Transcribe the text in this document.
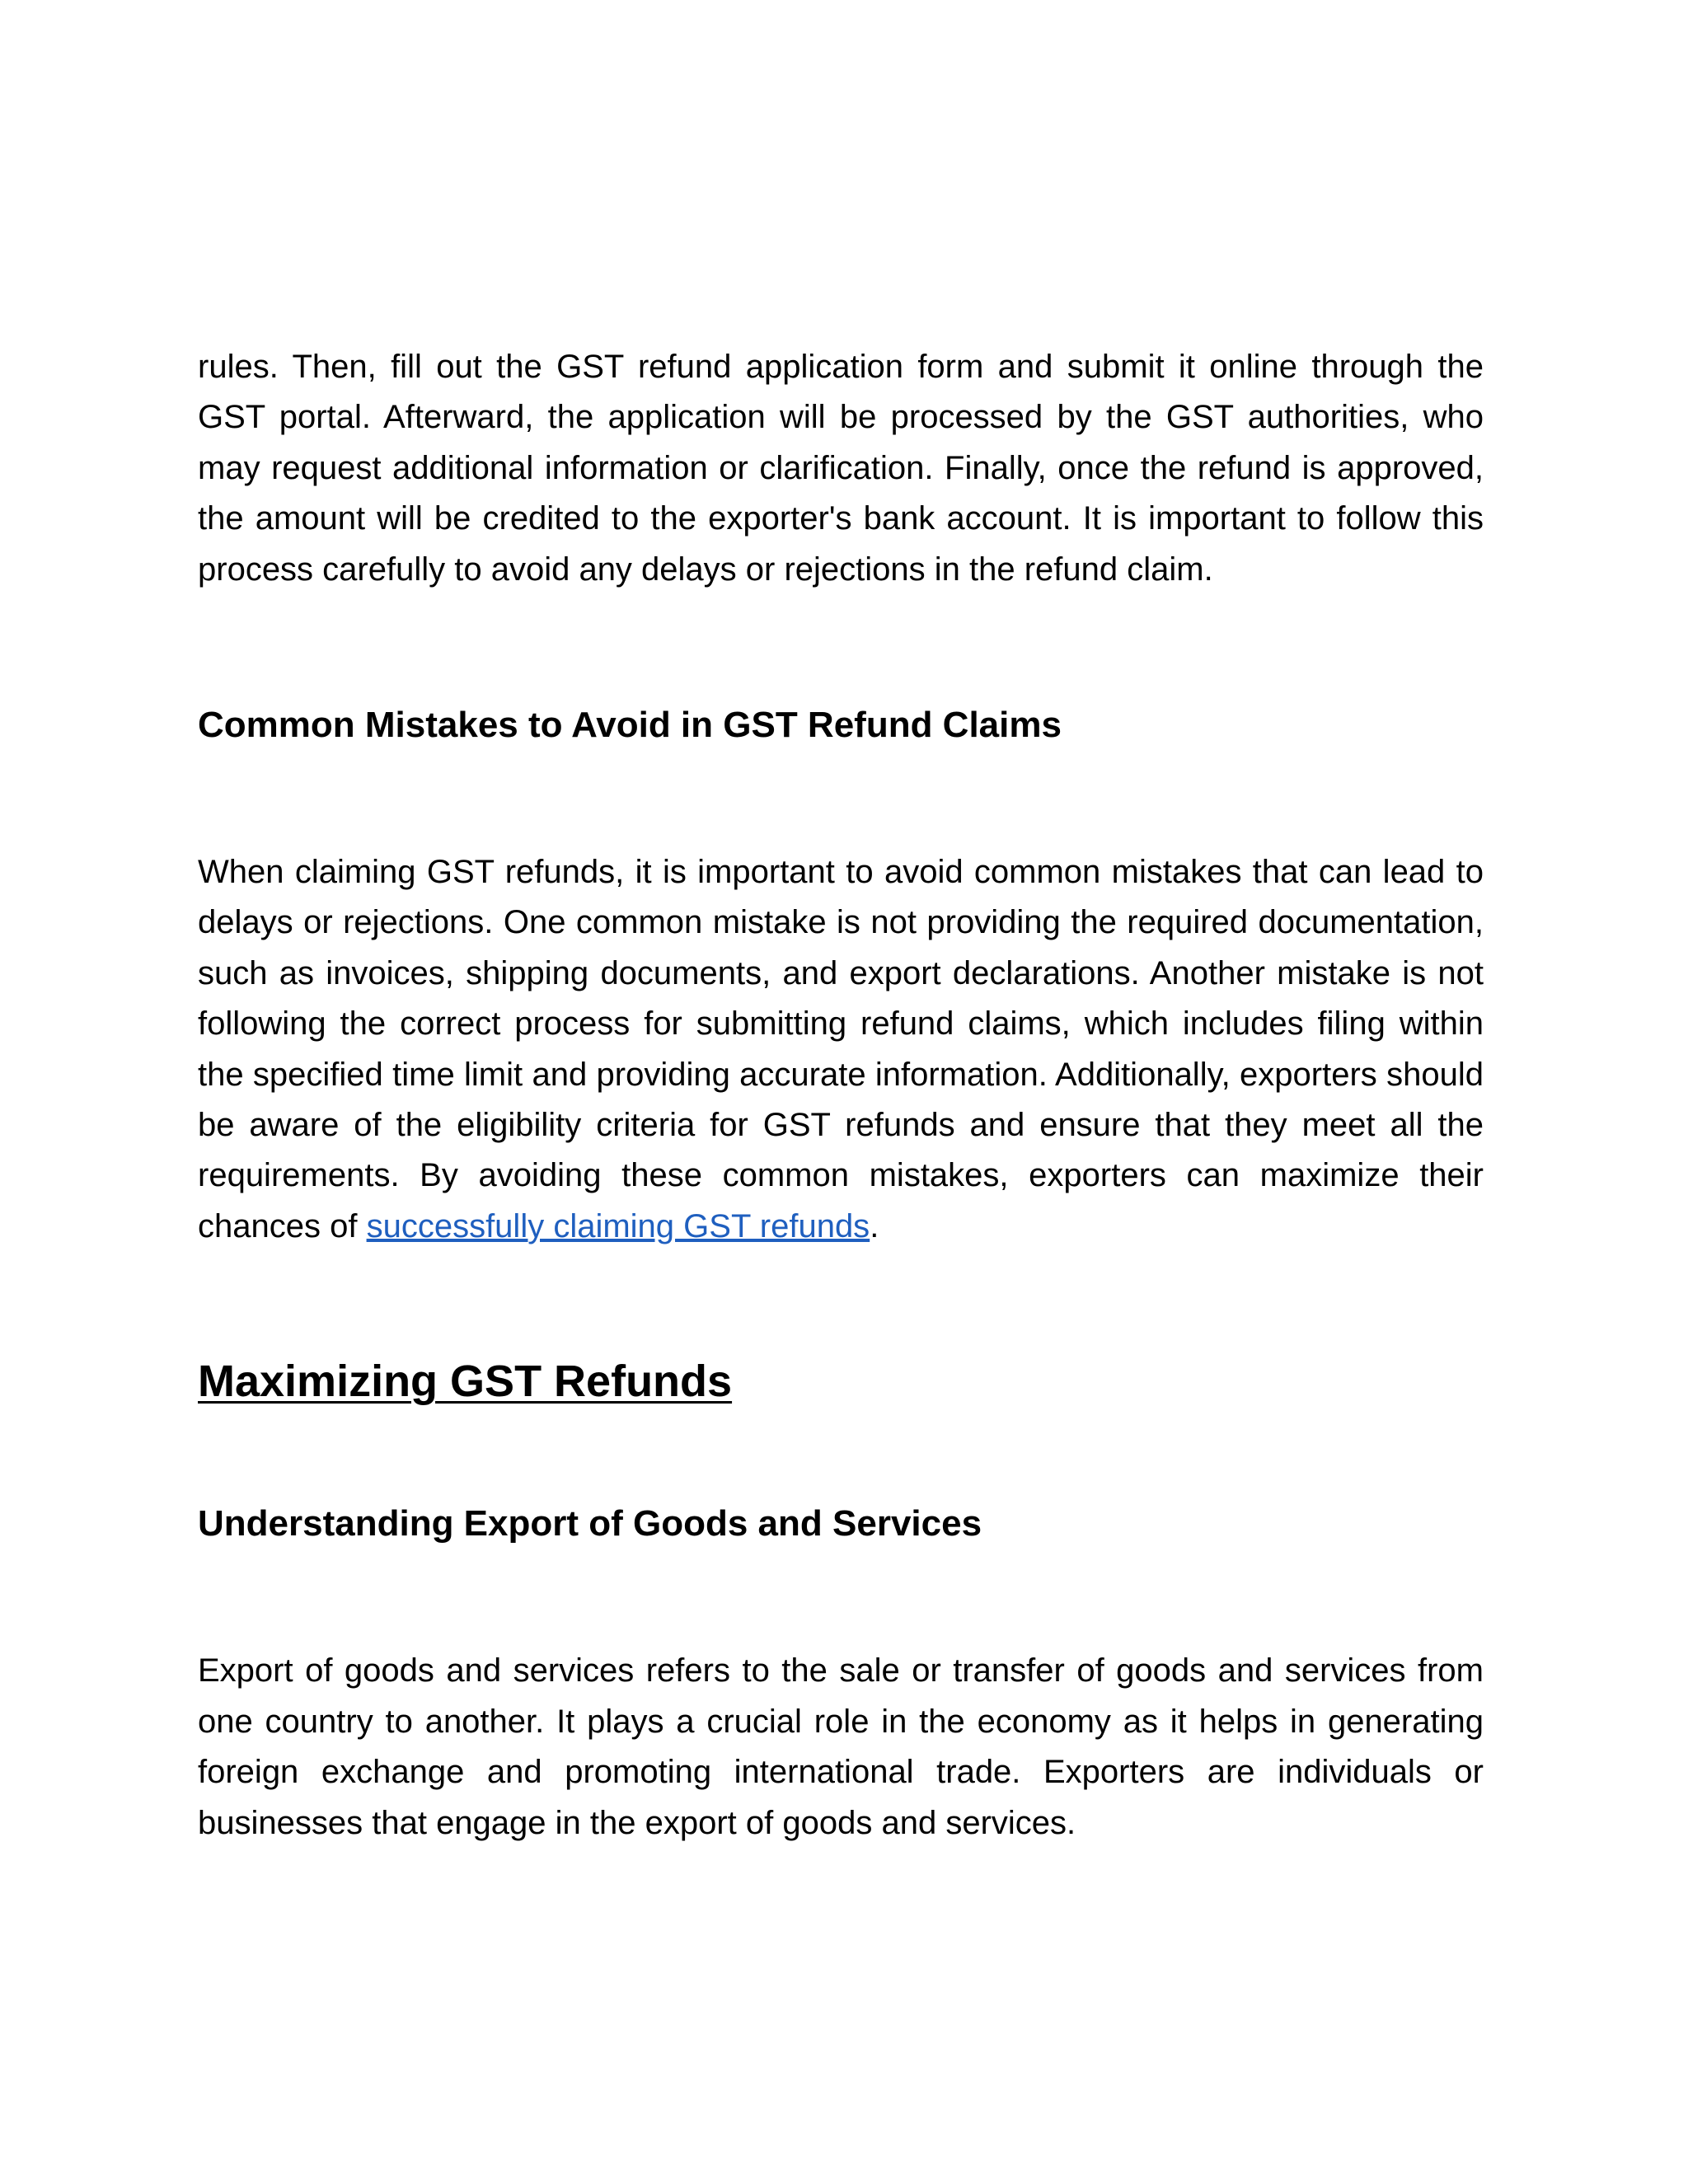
rules. Then, fill out the GST refund application form and submit it online through the GST portal. Afterward, the application will be processed by the GST authorities, who may request additional information or clarification. Finally, once the refund is approved, the amount will be credited to the exporter's bank account. It is important to follow this process carefully to avoid any delays or rejections in the refund claim.

Common Mistakes to Avoid in GST Refund Claims

When claiming GST refunds, it is important to avoid common mistakes that can lead to delays or rejections. One common mistake is not providing the required documentation, such as invoices, shipping documents, and export declarations. Another mistake is not following the correct process for submitting refund claims, which includes filing within the specified time limit and providing accurate information. Additionally, exporters should be aware of the eligibility criteria for GST refunds and ensure that they meet all the requirements. By avoiding these common mistakes, exporters can maximize their chances of successfully claiming GST refunds.

Maximizing GST Refunds
Understanding Export of Goods and Services

Export of goods and services refers to the sale or transfer of goods and services from one country to another. It plays a crucial role in the economy as it helps in generating foreign exchange and promoting international trade. Exporters are individuals or businesses that engage in the export of goods and services.
